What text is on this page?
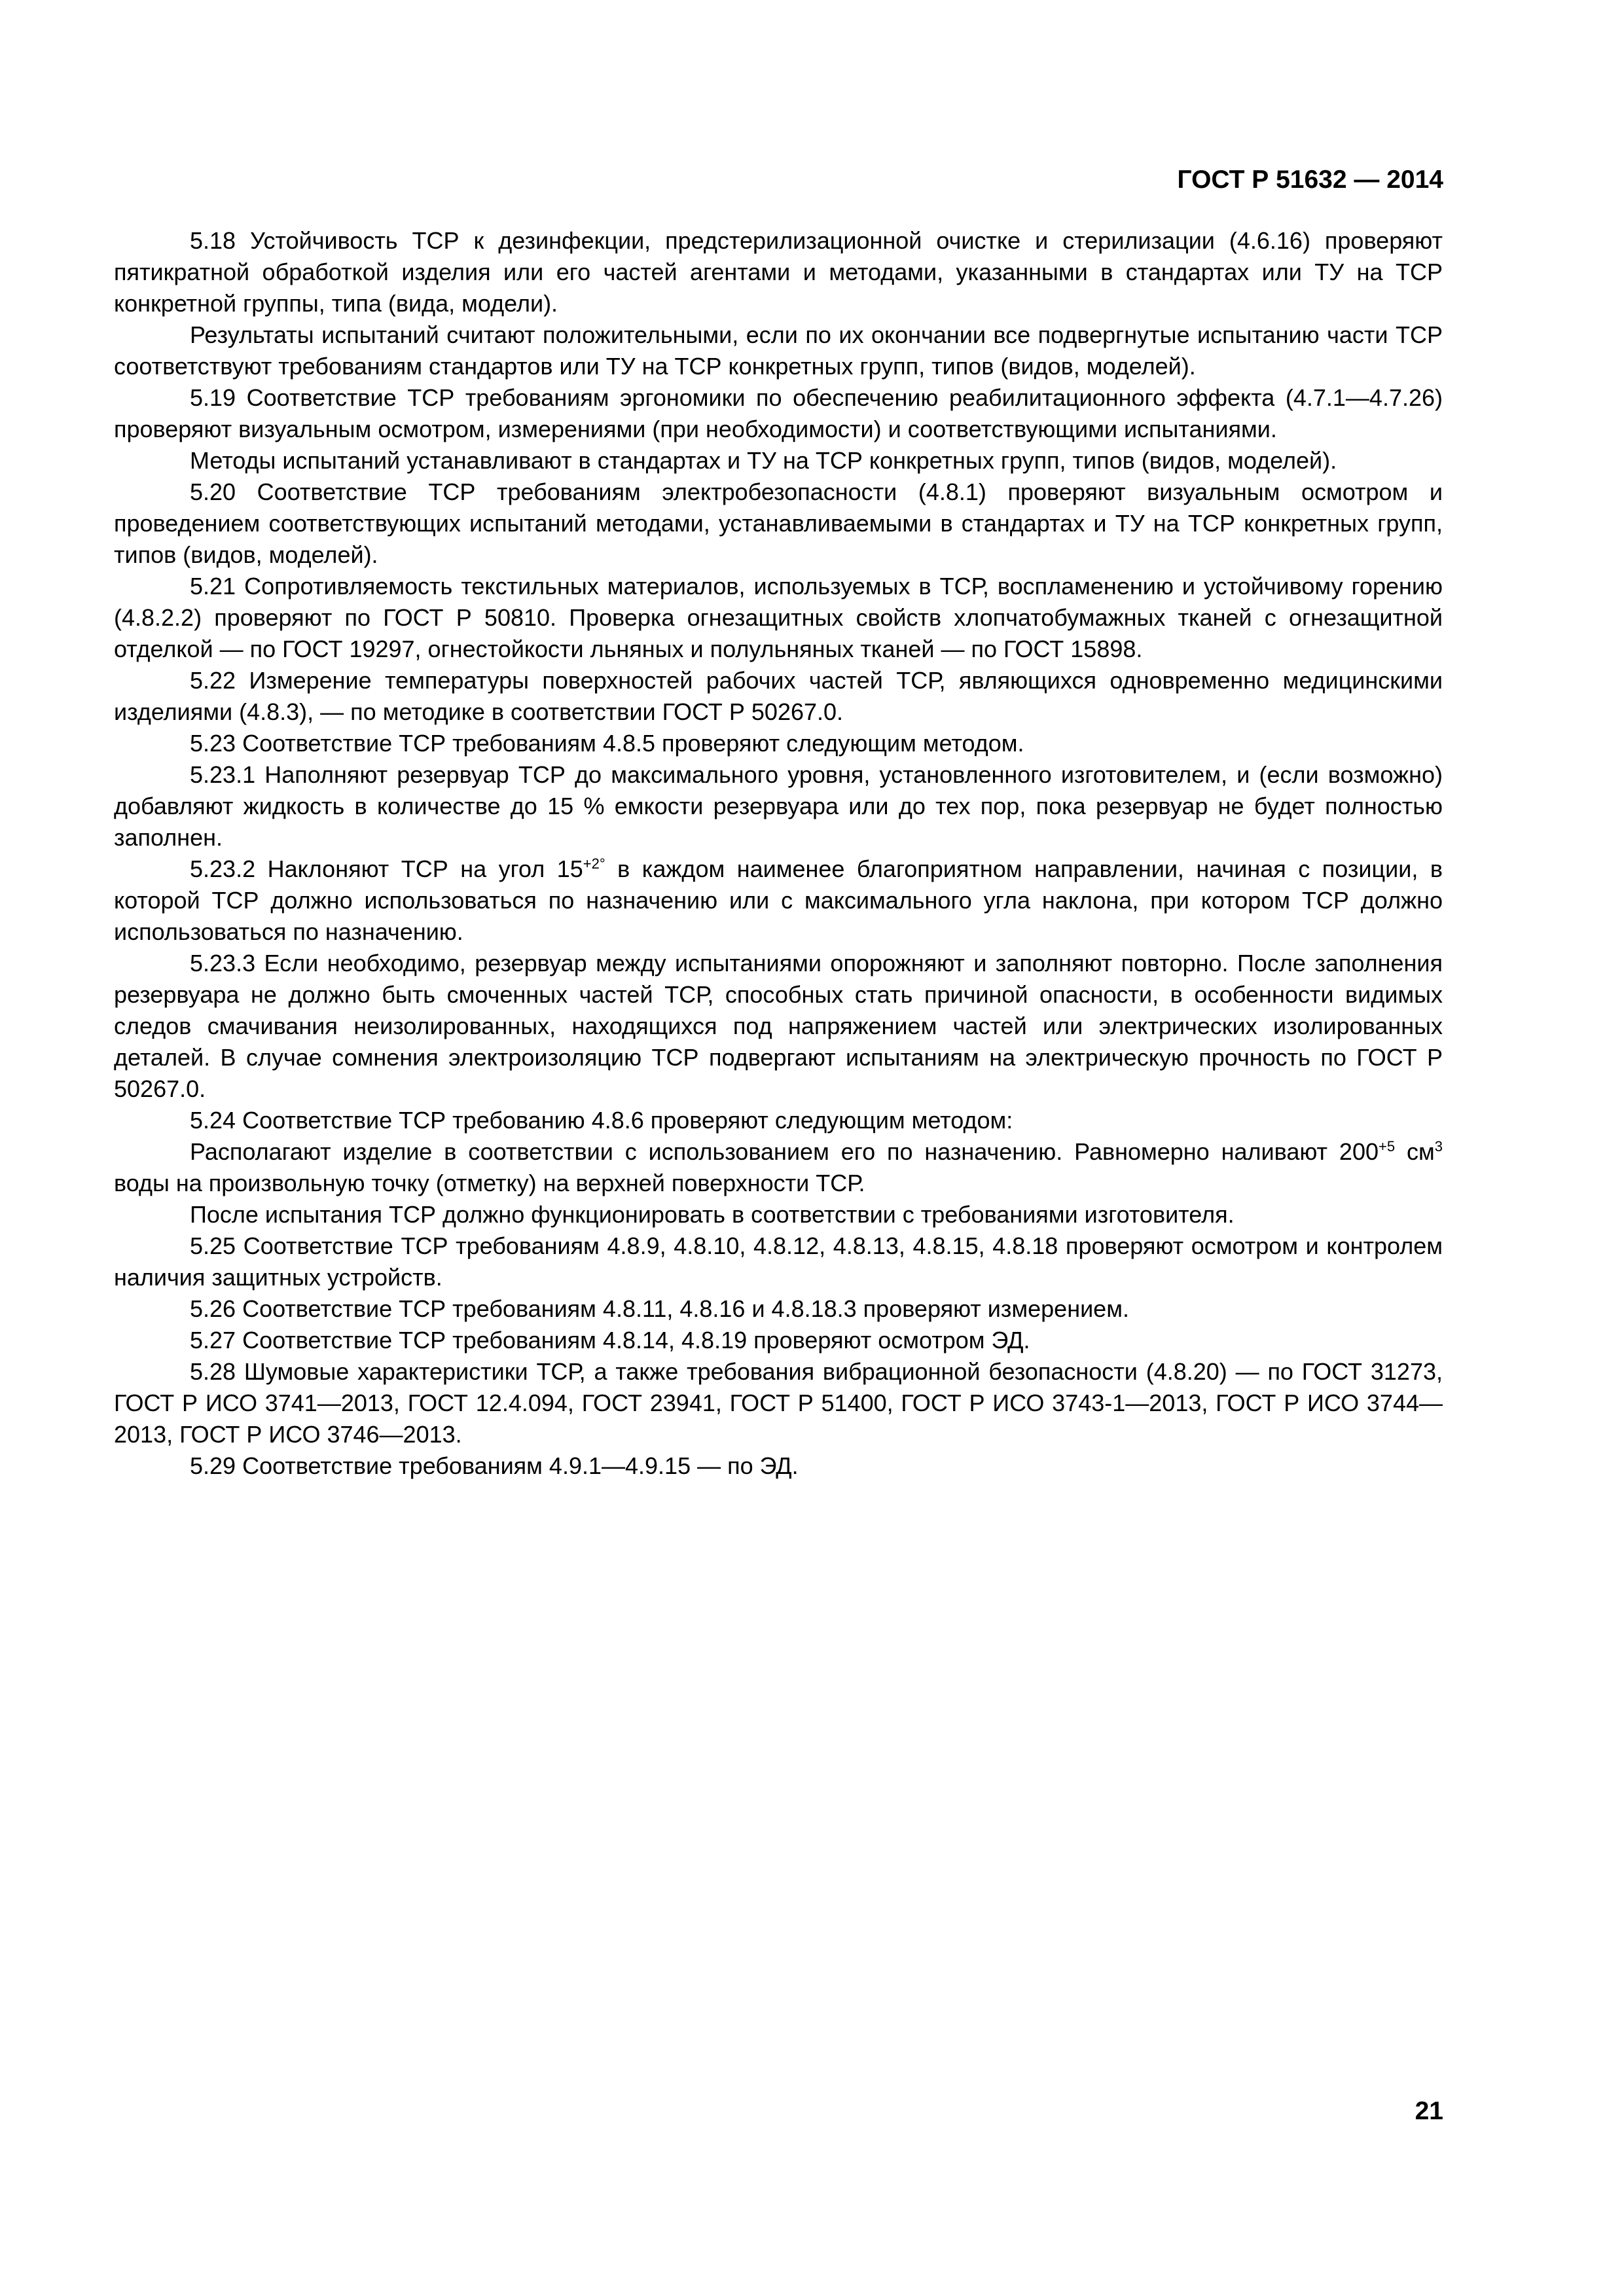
ГОСТ Р 51632 — 2014

5.18 Устойчивость ТСР к дезинфекции, предстерилизационной очистке и стерилизации (4.6.16) проверяют пятикратной обработкой изделия или его частей агентами и методами, указанными в стандартах или ТУ на ТСР конкретной группы, типа (вида, модели).

Результаты испытаний считают положительными, если по их окончании все подвергнутые испытанию части ТСР соответствуют требованиям стандартов или ТУ на ТСР конкретных групп, типов (видов, моделей).

5.19 Соответствие ТСР требованиям эргономики по обеспечению реабилитационного эффекта (4.7.1—4.7.26) проверяют визуальным осмотром, измерениями (при необходимости) и соответствующими испытаниями.

Методы испытаний устанавливают в стандартах и ТУ на ТСР конкретных групп, типов (видов, моделей).

5.20 Соответствие ТСР требованиям электробезопасности (4.8.1) проверяют визуальным осмотром и проведением соответствующих испытаний методами, устанавливаемыми в стандартах и ТУ на ТСР конкретных групп, типов (видов, моделей).

5.21 Сопротивляемость текстильных материалов, используемых в ТСР, воспламенению и устойчивому горению (4.8.2.2) проверяют по ГОСТ Р 50810. Проверка огнезащитных свойств хлопчатобумажных тканей с огнезащитной отделкой — по ГОСТ 19297, огнестойкости льняных и полульняных тканей — по ГОСТ 15898.

5.22 Измерение температуры поверхностей рабочих частей ТСР, являющихся одновременно медицинскими изделиями (4.8.3), — по методике в соответствии ГОСТ Р 50267.0.

5.23 Соответствие ТСР требованиям 4.8.5 проверяют следующим методом.

5.23.1 Наполняют резервуар ТСР до максимального уровня, установленного изготовителем, и (если возможно) добавляют жидкость в количестве до 15 % емкости резервуара или до тех пор, пока резервуар не будет полностью заполнен.

5.23.2 Наклоняют ТСР на угол $15^{+2^\circ}$ в каждом наименее благоприятном направлении, начиная с позиции, в которой ТСР должно использоваться по назначению или с максимального угла наклона, при котором ТСР должно использоваться по назначению.

5.23.3 Если необходимо, резервуар между испытаниями опорожняют и заполняют повторно. После заполнения резервуара не должно быть смоченных частей ТСР, способных стать причиной опасности, в особенности видимых следов смачивания неизолированных, находящихся под напряжением частей или электрических изолированных деталей. В случае сомнения электроизоляцию ТСР подвергают испытаниям на электрическую прочность по ГОСТ Р 50267.0.

5.24 Соответствие ТСР требованию 4.8.6 проверяют следующим методом:

Располагают изделие в соответствии с использованием его по назначению. Равномерно наливают $200^{+5}$ $см^3$ воды на произвольную точку (отметку) на верхней поверхности ТСР.

После испытания ТСР должно функционировать в соответствии с требованиями изготовителя.

5.25 Соответствие ТСР требованиям 4.8.9, 4.8.10, 4.8.12, 4.8.13, 4.8.15, 4.8.18 проверяют осмотром и контролем наличия защитных устройств.

5.26 Соответствие ТСР требованиям 4.8.11, 4.8.16 и 4.8.18.3 проверяют измерением.

5.27 Соответствие ТСР требованиям 4.8.14, 4.8.19 проверяют осмотром ЭД.

5.28 Шумовые характеристики ТСР, а также требования вибрационной безопасности (4.8.20) — по ГОСТ 31273, ГОСТ Р ИСО 3741—2013, ГОСТ 12.4.094, ГОСТ 23941, ГОСТ Р 51400, ГОСТ Р ИСО 3743-1—2013, ГОСТ Р ИСО 3744—2013, ГОСТ Р ИСО 3746—2013.

5.29 Соответствие требованиям 4.9.1—4.9.15 — по ЭД.

21
